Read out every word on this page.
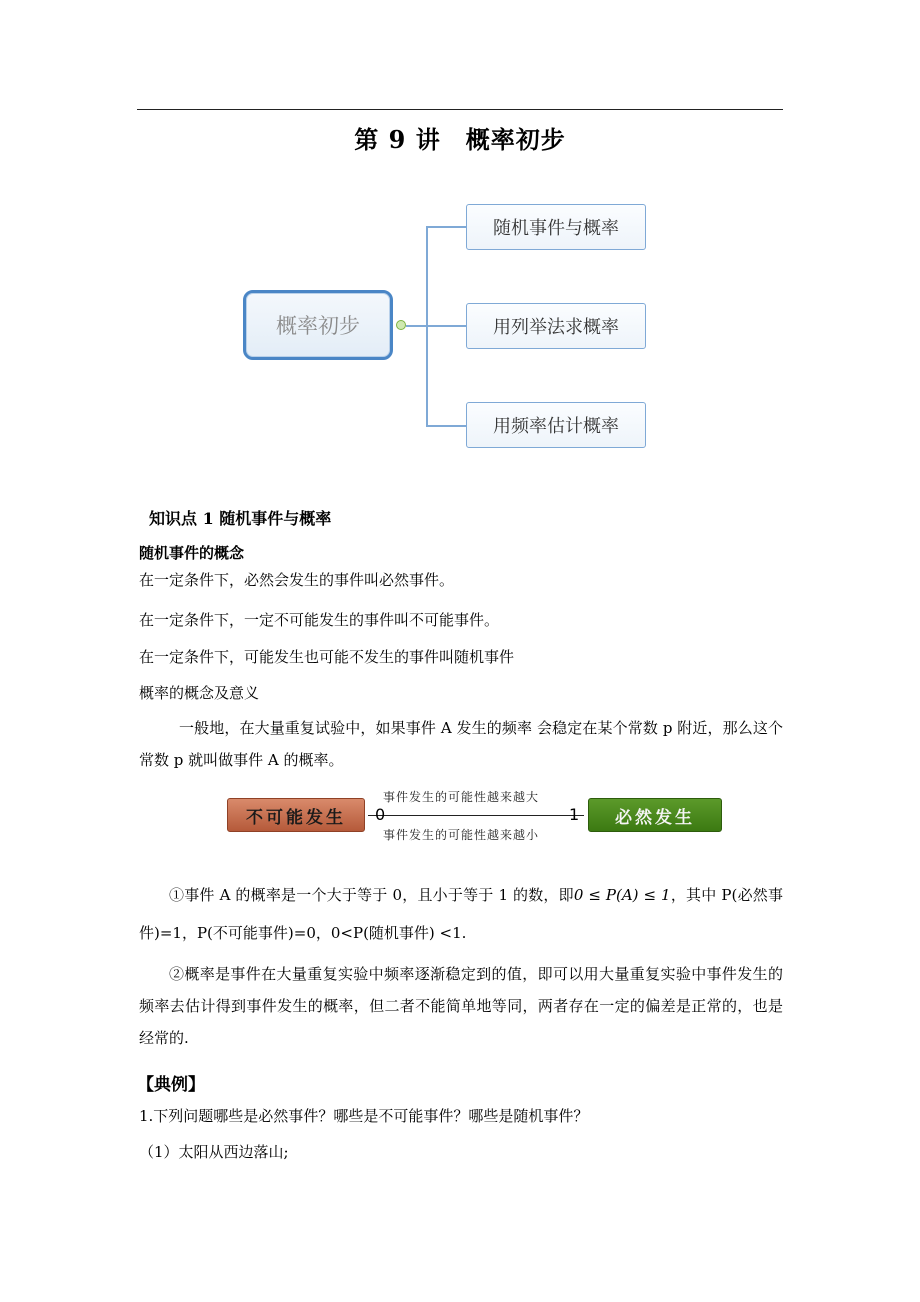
第 9 讲　概率初步
概率初步
随机事件与概率
用列举法求概率
用频率估计概率
知识点 1 随机事件与概率
随机事件的概念
在一定条件下，必然会发生的事件叫必然事件。
在一定条件下，一定不可能发生的事件叫不可能事件。
在一定条件下，可能发生也可能不发生的事件叫随机事件
概率的概念及意义
一般地，在大量重复试验中，如果事件 A 发生的频率 会稳定在某个常数 p 附近，那么这个常数 p 就叫做事件 A 的概率。
不可能发生	必然发生
事件发生的可能性越来越大
事件发生的可能性越来越小
0	1
①事件 A 的概率是一个大于等于 0，且小于等于 1 的数，即0 ≤ P(A) ≤ 1，其中 P(必然事件)=1，P(不可能事件)=0，0<P(随机事件) <1.
②概率是事件在大量重复实验中频率逐渐稳定到的值，即可以用大量重复实验中事件发生的频率去估计得到事件发生的概率，但二者不能简单地等同，两者存在一定的偏差是正常的，也是经常的.
【典例】
1.下列问题哪些是必然事件？哪些是不可能事件？哪些是随机事件？
（1）太阳从西边落山;
